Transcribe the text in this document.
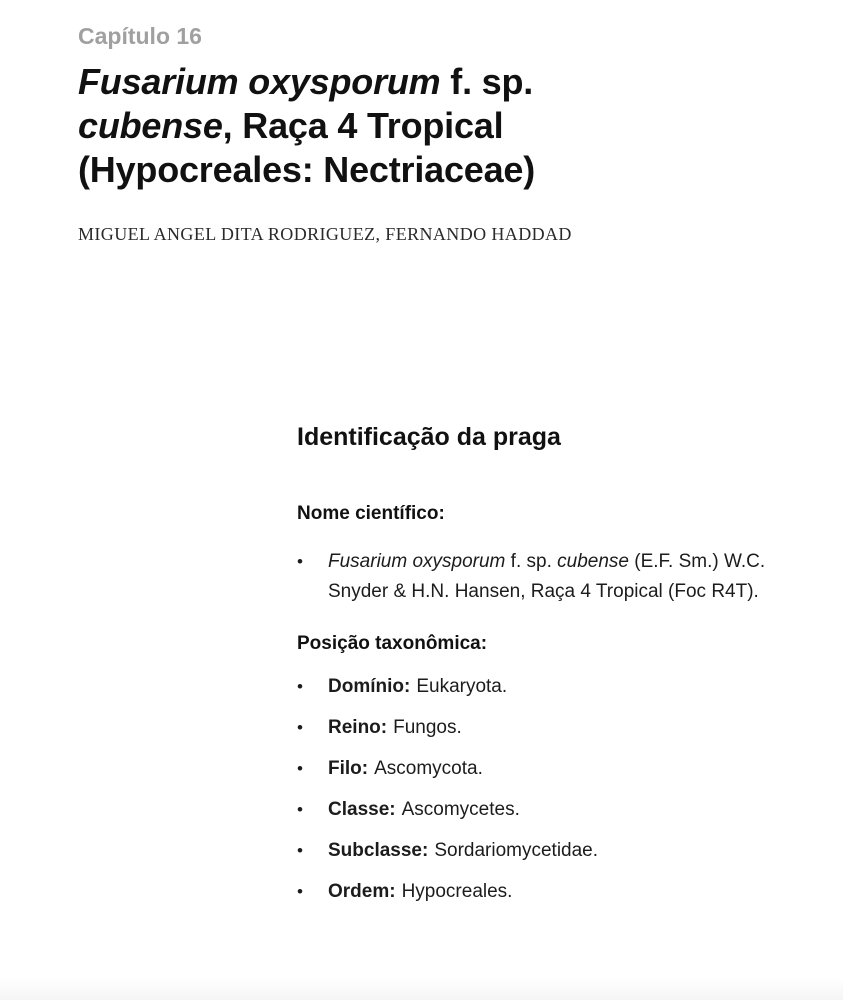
Capítulo 16
Fusarium oxysporum f. sp.
cubense, Raça 4 Tropical
(Hypocreales: Nectriaceae)
MIGUEL ANGEL DITA RODRIGUEZ, FERNANDO HADDAD
Identificação da praga
Nome científico:
•	Fusarium oxysporum f. sp. cubense (E.F. Sm.) W.C.
Snyder & H.N. Hansen, Raça 4 Tropical (Foc R4T).
Posição taxonômica:
•	Domínio: Eukaryota.
•	Reino: Fungos.
•	Filo: Ascomycota.
•	Classe: Ascomycetes.
•	Subclasse: Sordariomycetidae.
•	Ordem: Hypocreales.
